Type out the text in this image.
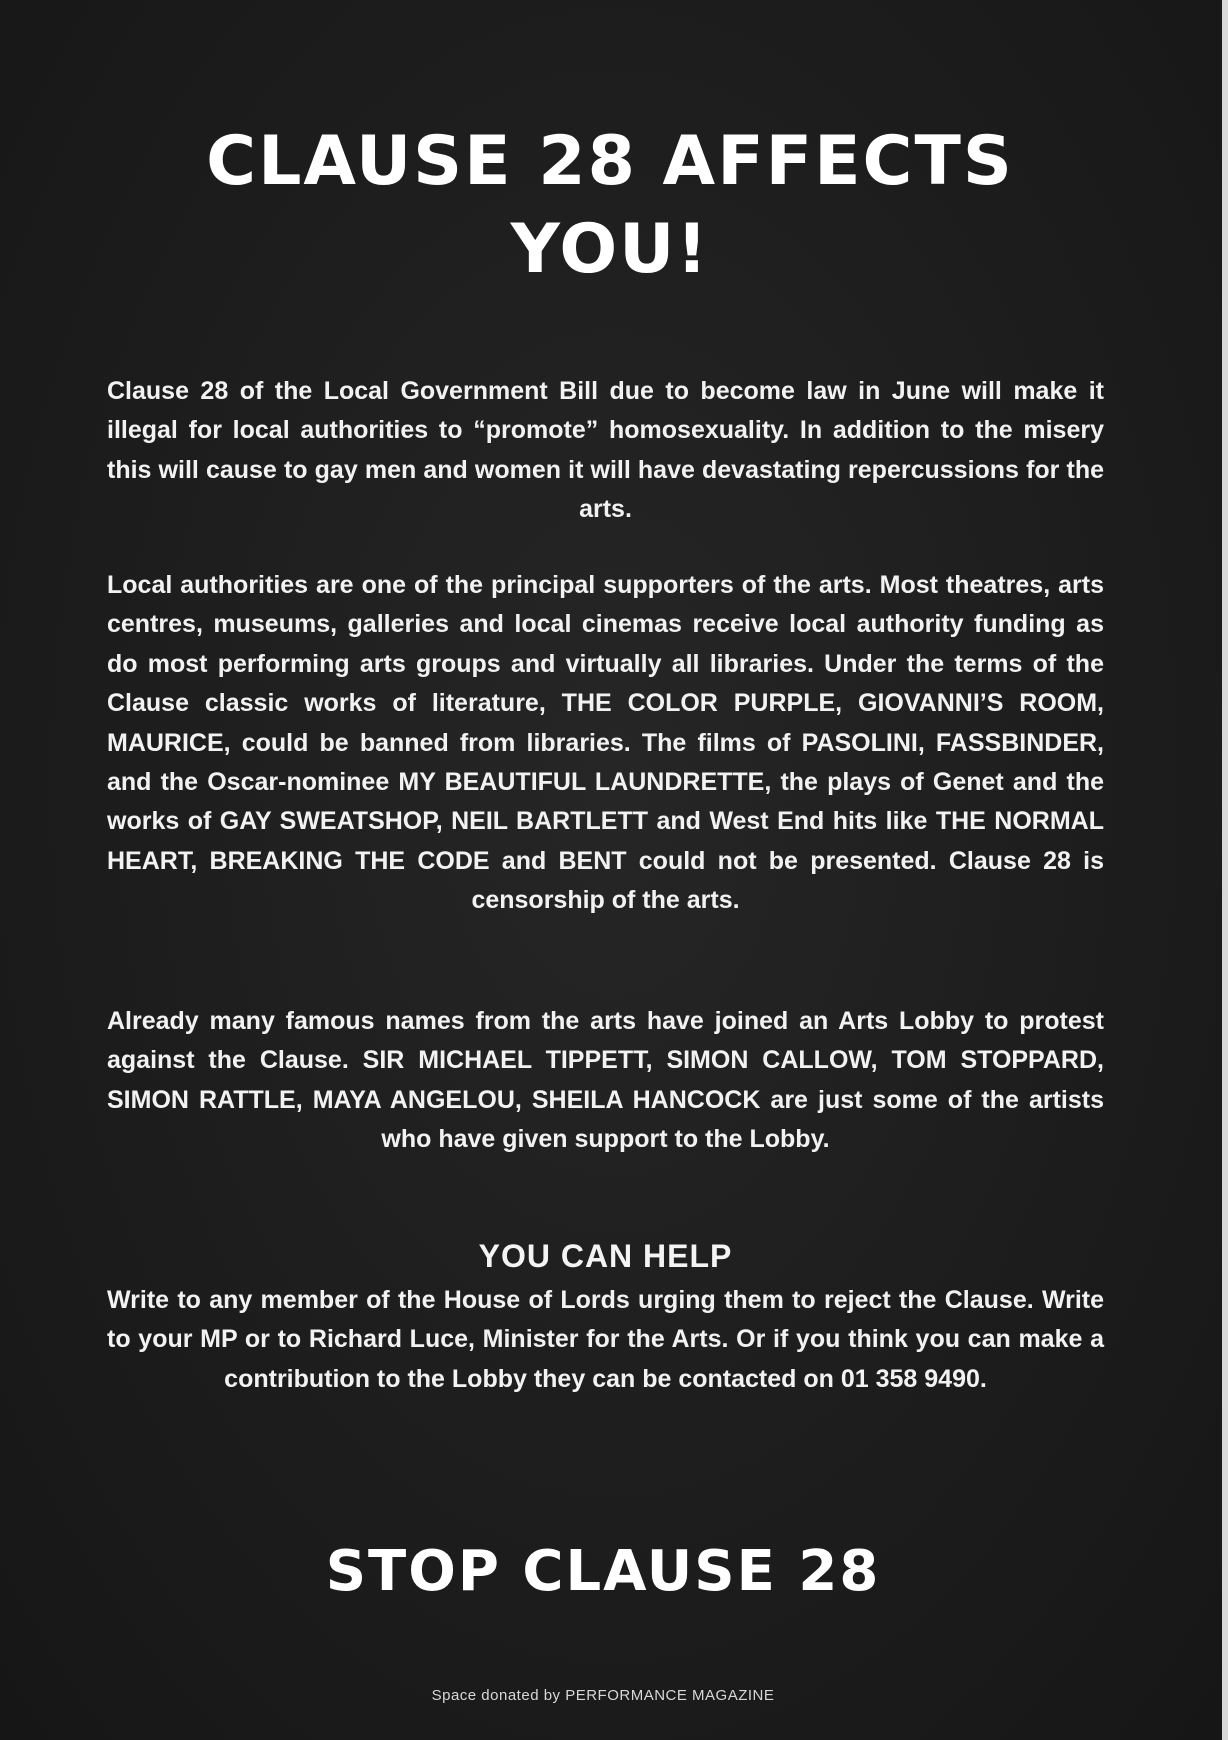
CLAUSE 28 AFFECTS YOU!

Clause 28 of the Local Government Bill due to become law in June will make it illegal for local authorities to “promote” homosexuality. In addition to the misery this will cause to gay men and women it will have devastating repercussions for the arts.

Local authorities are one of the principal supporters of the arts. Most theatres, arts centres, museums, galleries and local cinemas receive local authority funding as do most performing arts groups and virtually all libraries. Under the terms of the Clause classic works of literature, THE COLOR PURPLE, GIOVANNI’S ROOM, MAURICE, could be banned from libraries. The films of PASOLINI, FASSBINDER, and the Oscar-nominee MY BEAUTIFUL LAUNDRETTE, the plays of Genet and the works of GAY SWEATSHOP, NEIL BARTLETT and West End hits like THE NORMAL HEART, BREAKING THE CODE and BENT could not be presented. Clause 28 is censorship of the arts.

Already many famous names from the arts have joined an Arts Lobby to protest against the Clause. SIR MICHAEL TIPPETT, SIMON CALLOW, TOM STOPPARD, SIMON RATTLE, MAYA ANGELOU, SHEILA HANCOCK are just some of the artists who have given support to the Lobby.

YOU CAN HELP

Write to any member of the House of Lords urging them to reject the Clause. Write to your MP or to Richard Luce, Minister for the Arts. Or if you think you can make a contribution to the Lobby they can be contacted on 01 358 9490.

STOP CLAUSE 28

Space donated by PERFORMANCE MAGAZINE
